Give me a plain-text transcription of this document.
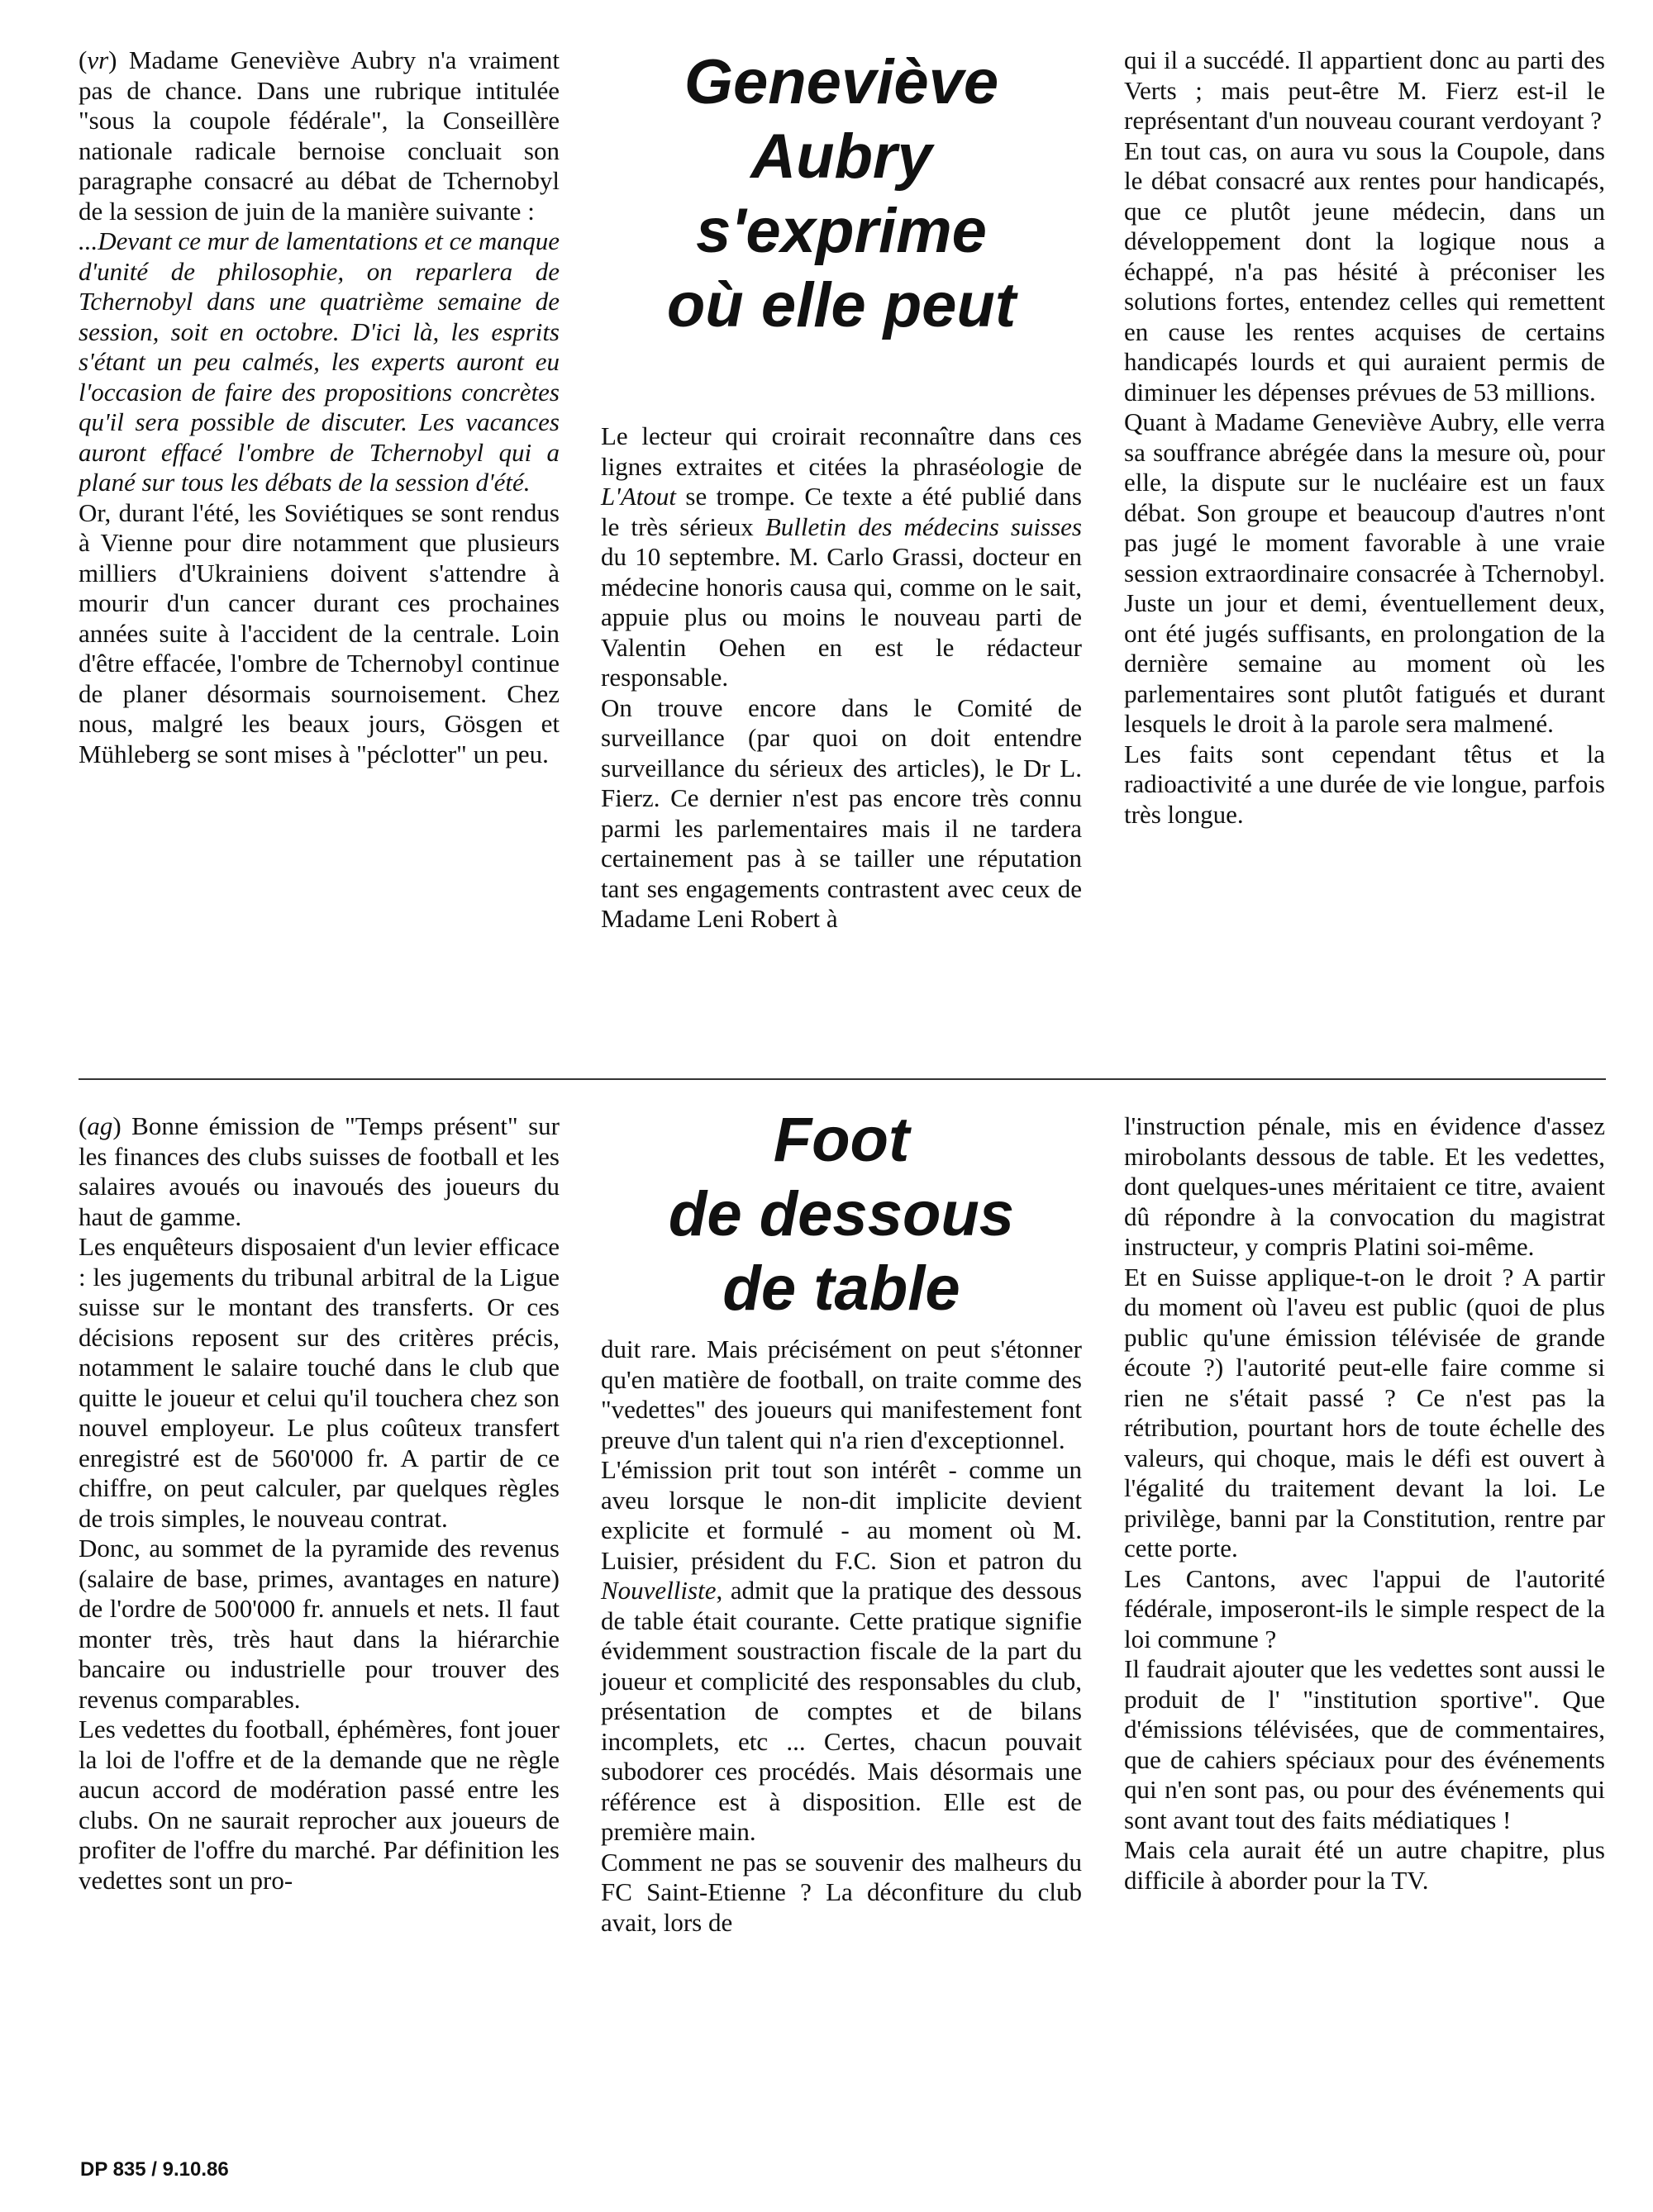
Geneviève
Aubry
s'exprime
où elle peut

(vr) Madame Geneviève Aubry n'a vraiment pas de chance. Dans une rubrique intitulée "sous la coupole fédérale", la Conseillère nationale radicale bernoise concluait son paragraphe consacré au débat de Tchernobyl de la session de juin de la manière suivante :

...Devant ce mur de lamentations et ce manque d'unité de philosophie, on reparlera de Tchernobyl dans une quatrième semaine de session, soit en octobre. D'ici là, les esprits s'étant un peu calmés, les experts auront eu l'occasion de faire des propositions concrètes qu'il sera possible de discuter. Les vacances auront effacé l'ombre de Tchernobyl qui a plané sur tous les débats de la session d'été.

Or, durant l'été, les Soviétiques se sont rendus à Vienne pour dire notamment que plusieurs milliers d'Ukrainiens doivent s'attendre à mourir d'un cancer durant ces prochaines années suite à l'accident de la centrale. Loin d'être effacée, l'ombre de Tchernobyl continue de planer désormais sournoisement. Chez nous, malgré les beaux jours, Gösgen et Mühleberg se sont mises à "péclotter" un peu.

Le lecteur qui croirait reconnaître dans ces lignes extraites et citées la phraséologie de L'Atout se trompe. Ce texte a été publié dans le très sérieux Bulletin des médecins suisses du 10 septembre. M. Carlo Grassi, docteur en médecine honoris causa qui, comme on le sait, appuie plus ou moins le nouveau parti de Valentin Oehen en est le rédacteur responsable.

On trouve encore dans le Comité de surveillance (par quoi on doit entendre surveillance du sérieux des articles), le Dr L. Fierz. Ce dernier n'est pas encore très connu parmi les parlementaires mais il ne tardera certainement pas à se tailler une réputation tant ses engagements contrastent avec ceux de Madame Leni Robert à

qui il a succédé. Il appartient donc au parti des Verts ; mais peut-être M. Fierz est-il le représentant d'un nouveau courant verdoyant ?

En tout cas, on aura vu sous la Coupole, dans le débat consacré aux rentes pour handicapés, que ce plutôt jeune médecin, dans un développement dont la logique nous a échappé, n'a pas hésité à préconiser les solutions fortes, entendez celles qui remettent en cause les rentes acquises de certains handicapés lourds et qui auraient permis de diminuer les dépenses prévues de 53 millions.

Quant à Madame Geneviève Aubry, elle verra sa souffrance abrégée dans la mesure où, pour elle, la dispute sur le nucléaire est un faux débat. Son groupe et beaucoup d'autres n'ont pas jugé le moment favorable à une vraie session extraordinaire consacrée à Tchernobyl. Juste un jour et demi, éventuellement deux, ont été jugés suffisants, en prolongation de la dernière semaine au moment où les parlementaires sont plutôt fatigués et durant lesquels le droit à la parole sera malmené.

Les faits sont cependant têtus et la radioactivité a une durée de vie longue, parfois très longue.

Foot
de dessous
de table

(ag) Bonne émission de "Temps présent" sur les finances des clubs suisses de football et les salaires avoués ou inavoués des joueurs du haut de gamme.

Les enquêteurs disposaient d'un levier efficace : les jugements du tribunal arbitral de la Ligue suisse sur le montant des transferts. Or ces décisions reposent sur des critères précis, notamment le salaire touché dans le club que quitte le joueur et celui qu'il touchera chez son nouvel employeur. Le plus coûteux transfert enregistré est de 560'000 fr. A partir de ce chiffre, on peut calculer, par quelques règles de trois simples, le nouveau contrat.

Donc, au sommet de la pyramide des revenus (salaire de base, primes, avantages en nature) de l'ordre de 500'000 fr. annuels et nets. Il faut monter très, très haut dans la hiérarchie bancaire ou industrielle pour trouver des revenus comparables.

Les vedettes du football, éphémères, font jouer la loi de l'offre et de la demande que ne règle aucun accord de modération passé entre les clubs. On ne saurait reprocher aux joueurs de profiter de l'offre du marché. Par définition les vedettes sont un pro-

duit rare. Mais précisément on peut s'étonner qu'en matière de football, on traite comme des "vedettes" des joueurs qui manifestement font preuve d'un talent qui n'a rien d'exceptionnel.

L'émission prit tout son intérêt - comme un aveu lorsque le non-dit implicite devient explicite et formulé - au moment où M. Luisier, président du F.C. Sion et patron du Nouvelliste, admit que la pratique des dessous de table était courante. Cette pratique signifie évidemment soustraction fiscale de la part du joueur et complicité des responsables du club, présentation de comptes et de bilans incomplets, etc ... Certes, chacun pouvait subodorer ces procédés. Mais désormais une référence est à disposition. Elle est de première main.

Comment ne pas se souvenir des malheurs du FC Saint-Etienne ? La déconfiture du club avait, lors de

l'instruction pénale, mis en évidence d'assez mirobolants dessous de table. Et les vedettes, dont quelques-unes méritaient ce titre, avaient dû répondre à la convocation du magistrat instructeur, y compris Platini soi-même.

Et en Suisse applique-t-on le droit ? A partir du moment où l'aveu est public (quoi de plus public qu'une émission télévisée de grande écoute ?) l'autorité peut-elle faire comme si rien ne s'était passé ? Ce n'est pas la rétribution, pourtant hors de toute échelle des valeurs, qui choque, mais le défi est ouvert à l'égalité du traitement devant la loi. Le privilège, banni par la Constitution, rentre par cette porte.

Les Cantons, avec l'appui de l'autorité fédérale, imposeront-ils le simple respect de la loi commune ?

Il faudrait ajouter que les vedettes sont aussi le produit de l' "institution sportive". Que d'émissions télévisées, que de commentaires, que de cahiers spéciaux pour des événements qui n'en sont pas, ou pour des événements qui sont avant tout des faits médiatiques !

Mais cela aurait été un autre chapitre, plus difficile à aborder pour la TV.

DP 835 / 9.10.86
